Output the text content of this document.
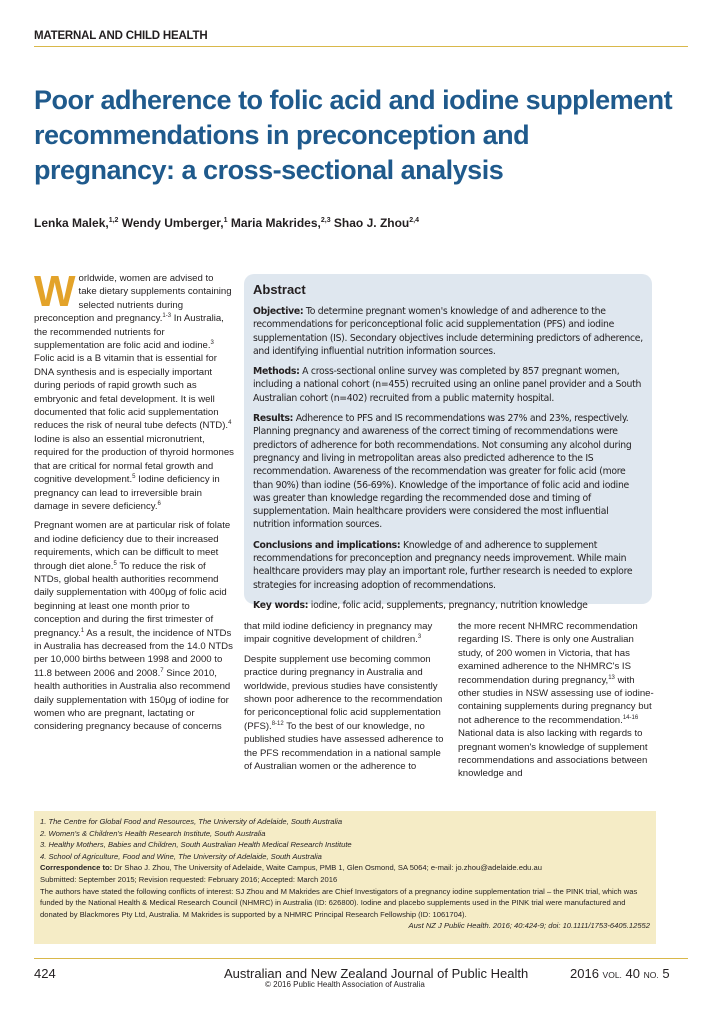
MATERNAL AND CHILD HEALTH
Poor adherence to folic acid and iodine supplement
recommendations in preconception and
pregnancy: a cross-sectional analysis
Lenka Malek,$^{1,2}$ Wendy Umberger,$^1$ Maria Makrides,$^{2,3}$ Shao J. Zhou$^{2,4}$

Worldwide, women are advised to take dietary supplements containing selected nutrients during preconception and pregnancy.$^{1-3}$ In Australia, the recommended nutrients for supplementation are folic acid and iodine.$^3$ Folic acid is a B vitamin that is essential for DNA synthesis and is especially important during periods of rapid growth such as embryonic and fetal development. It is well documented that folic acid supplementation reduces the risk of neural tube defects (NTD).$^4$ Iodine is also an essential micronutrient, required for the production of thyroid hormones that are critical for normal fetal growth and cognitive development.$^5$ Iodine deficiency in pregnancy can lead to irreversible brain damage in severe deficiency.$^6$

Pregnant women are at particular risk of folate and iodine deficiency due to their increased requirements, which can be difficult to meet through diet alone.$^5$ To reduce the risk of NTDs, global health authorities recommend daily supplementation with 400μg of folic acid beginning at least one month prior to conception and during the first trimester of pregnancy.$^1$ As a result, the incidence of NTDs in Australia has decreased from the 14.0 NTDs per 10,000 births between 1998 and 2000 to 11.8 between 2006 and 2008.$^7$ Since 2010, health authorities in Australia also recommend daily supplementation with 150μg of iodine for women who are pregnant, lactating or considering pregnancy because of concerns

Abstract

Objective: To determine pregnant women's knowledge of and adherence to the recommendations for periconceptional folic acid supplementation (PFS) and iodine supplementation (IS). Secondary objectives include determining predictors of adherence, and identifying influential nutrition information sources.

Methods: A cross-sectional online survey was completed by 857 pregnant women, including a national cohort (n=455) recruited using an online panel provider and a South Australian cohort (n=402) recruited from a public maternity hospital.

Results: Adherence to PFS and IS recommendations was 27% and 23%, respectively. Planning pregnancy and awareness of the correct timing of recommendations were predictors of adherence for both recommendations. Not consuming any alcohol during pregnancy and living in metropolitan areas also predicted adherence to the IS recommendation. Awareness of the recommendation was greater for folic acid (more than 90%) than iodine (56-69%). Knowledge of the importance of folic acid and iodine was greater than knowledge regarding the recommended dose and timing of supplementation. Main healthcare providers were considered the most influential nutrition information sources.

Conclusions and implications: Knowledge of and adherence to supplement recommendations for preconception and pregnancy needs improvement. While main healthcare providers may play an important role, further research is needed to explore strategies for increasing adoption of recommendations.

Key words: iodine, folic acid, supplements, pregnancy, nutrition knowledge

that mild iodine deficiency in pregnancy may impair cognitive development of children.$^3$

Despite supplement use becoming common practice during pregnancy in Australia and worldwide, previous studies have consistently shown poor adherence to the recommendation for periconceptional folic acid supplementation (PFS).$^{8-12}$ To the best of our knowledge, no published studies have assessed adherence to the PFS recommendation in a national sample of Australian women or the adherence to

the more recent NHMRC recommendation regarding IS. There is only one Australian study, of 200 women in Victoria, that has examined adherence to the NHMRC's IS recommendation during pregnancy,$^{13}$ with other studies in NSW assessing use of iodine-containing supplements during pregnancy but not adherence to the recommendation.$^{14-16}$ National data is also lacking with regards to pregnant women's knowledge of supplement recommendations and associations between knowledge and

1. The Centre for Global Food and Resources, The University of Adelaide, South Australia
2. Women's & Children's Health Research Institute, South Australia
3. Healthy Mothers, Babies and Children, South Australian Health Medical Research Institute
4. School of Agriculture, Food and Wine, The University of Adelaide, South Australia
Correspondence to: Dr Shao J. Zhou, The University of Adelaide, Waite Campus, PMB 1, Glen Osmond, SA 5064; e-mail: jo.zhou@adelaide.edu.au
Submitted: September 2015; Revision requested: February 2016; Accepted: March 2016
The authors have stated the following conflicts of interest: SJ Zhou and M Makrides are Chief Investigators of a pregnancy iodine supplementation trial – the PINK trial, which was funded by the National Health & Medical Research Council (NHMRC) in Australia (ID: 626800). Iodine and placebo supplements used in the PINK trial were manufactured and donated by Blackmores Pty Ltd, Australia. M Makrides is supported by a NHMRC Principal Research Fellowship (ID: 1061704).
Aust NZ J Public Health. 2016; 40:424-9; doi: 10.1111/1753-6405.12552
424	Australian and New Zealand Journal of Public Health
© 2016 Public Health Association of Australia
2016 VOL. 40 NO. 5
